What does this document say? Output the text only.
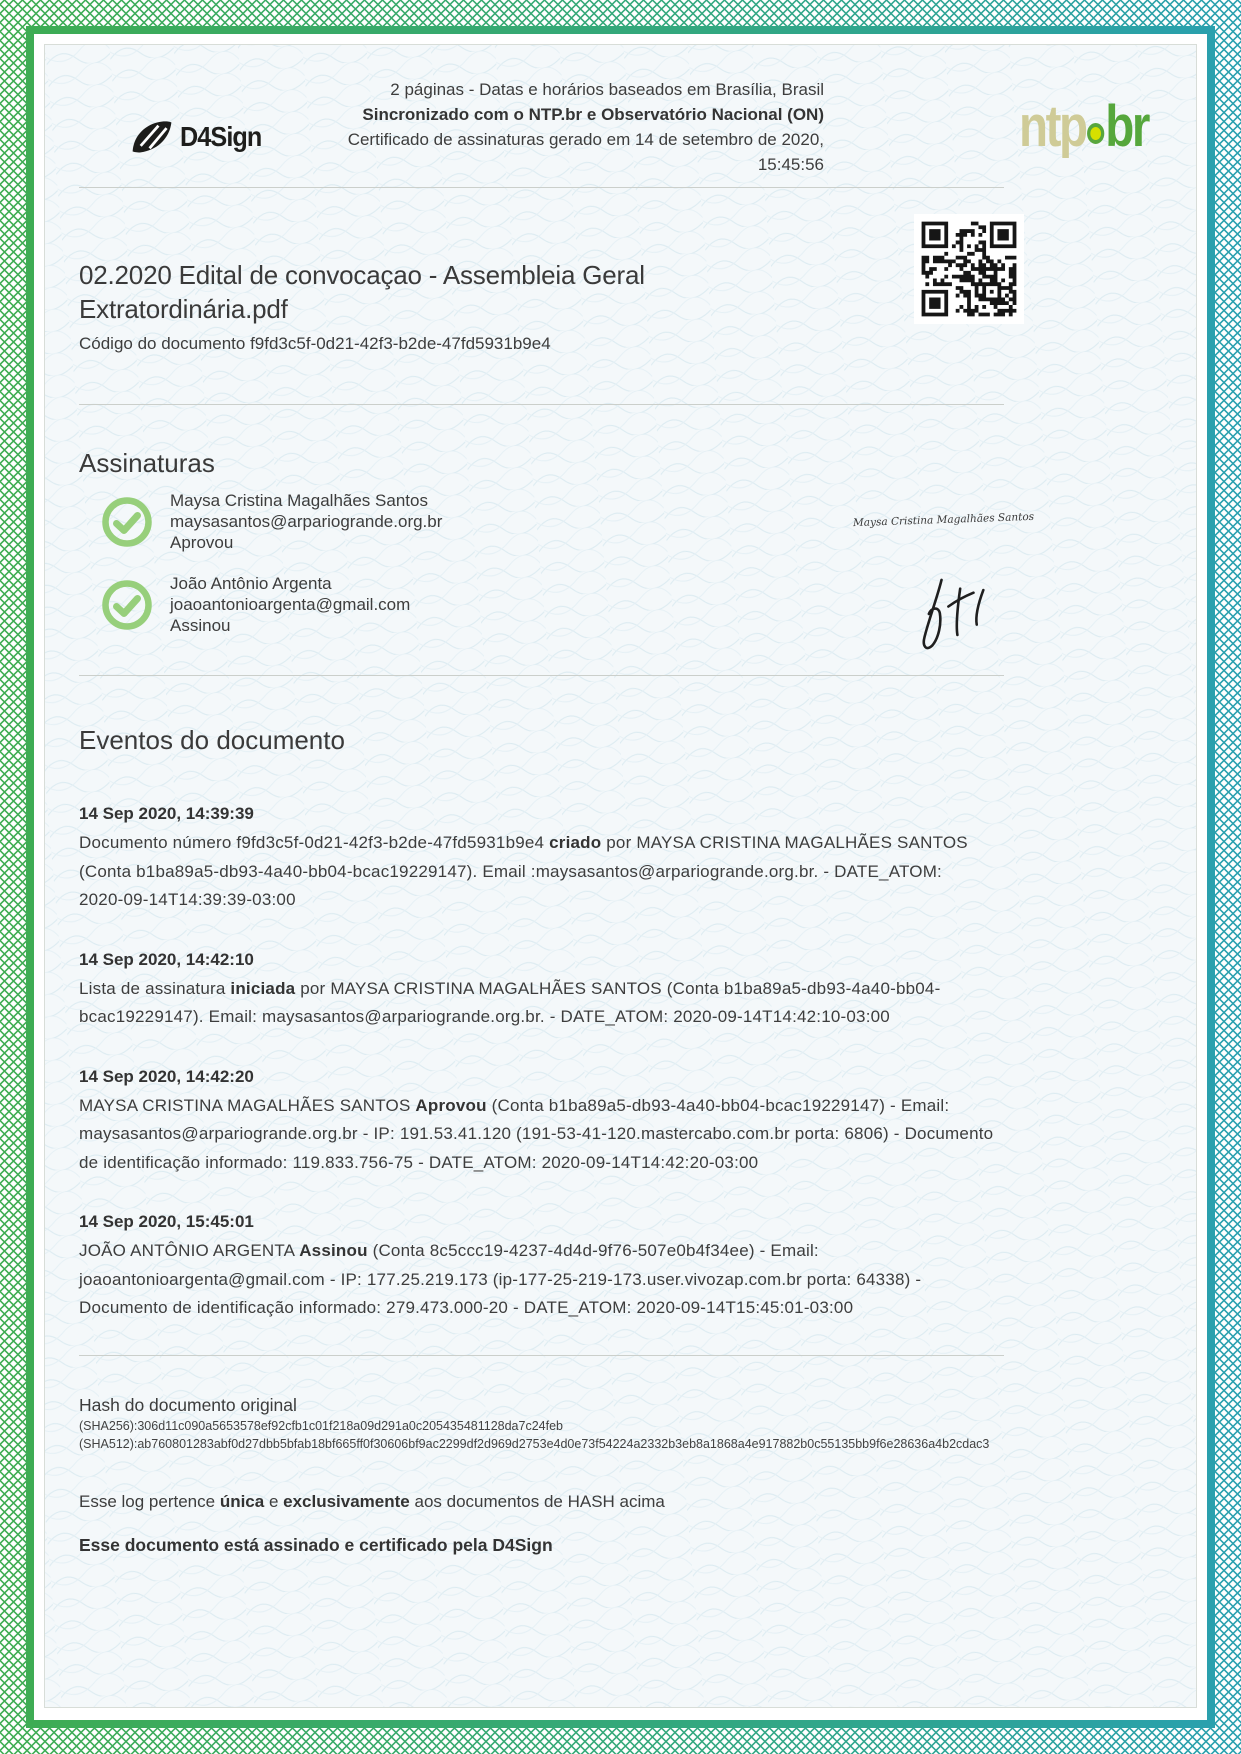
D4Sign
2 páginas - Datas e horários baseados em Brasília, Brasil
Sincronizado com o NTP.br e Observatório Nacional (ON)
Certificado de assinaturas gerado em 14 de setembro de 2020,
15:45:56
ntp br
02.2020 Edital de convocaçao - Assembleia Geral Extratordinária.pdf
Código do documento f9fd3c5f-0d21-42f3-b2de-47fd5931b9e4
Assinaturas
Maysa Cristina Magalhães Santos
maysasantos@arpariogrande.org.br
Aprovou
Maysa Cristina Magalhães Santos
João Antônio Argenta
joaoantonioargenta@gmail.com
Assinou
Eventos do documento
14 Sep 2020, 14:39:39

Documento número f9fd3c5f-0d21-42f3-b2de-47fd5931b9e4 criado por MAYSA CRISTINA MAGALHÃES SANTOS (Conta b1ba89a5-db93-4a40-bb04-bcac19229147). Email :maysasantos@arpariogrande.org.br. - DATE_ATOM: 2020-09-14T14:39:39-03:00

14 Sep 2020, 14:42:10

Lista de assinatura iniciada por MAYSA CRISTINA MAGALHÃES SANTOS (Conta b1ba89a5-db93-4a40-bb04-bcac19229147). Email: maysasantos@arpariogrande.org.br. - DATE_ATOM: 2020-09-14T14:42:10-03:00

14 Sep 2020, 14:42:20

MAYSA CRISTINA MAGALHÃES SANTOS Aprovou (Conta b1ba89a5-db93-4a40-bb04-bcac19229147) - Email: maysasantos@arpariogrande.org.br - IP: 191.53.41.120 (191-53-41-120.mastercabo.com.br porta: 6806) - Documento de identificação informado: 119.833.756-75 - DATE_ATOM: 2020-09-14T14:42:20-03:00

14 Sep 2020, 15:45:01

JOÃO ANTÔNIO ARGENTA Assinou (Conta 8c5ccc19-4237-4d4d-9f76-507e0b4f34ee) - Email: joaoantonioargenta@gmail.com - IP: 177.25.219.173 (ip-177-25-219-173.user.vivozap.com.br porta: 64338) - Documento de identificação informado: 279.473.000-20 - DATE_ATOM: 2020-09-14T15:45:01-03:00

Hash do documento original
(SHA256):306d11c090a5653578ef92cfb1c01f218a09d291a0c205435481128da7c24feb
(SHA512):ab760801283abf0d27dbb5bfab18bf665ff0f30606bf9ac2299df2d969d2753e4d0e73f54224a2332b3eb8a1868a4e917882b0c55135bb9f6e28636a4b2cdac3

Esse log pertence única e exclusivamente aos documentos de HASH acima

Esse documento está assinado e certificado pela D4Sign
